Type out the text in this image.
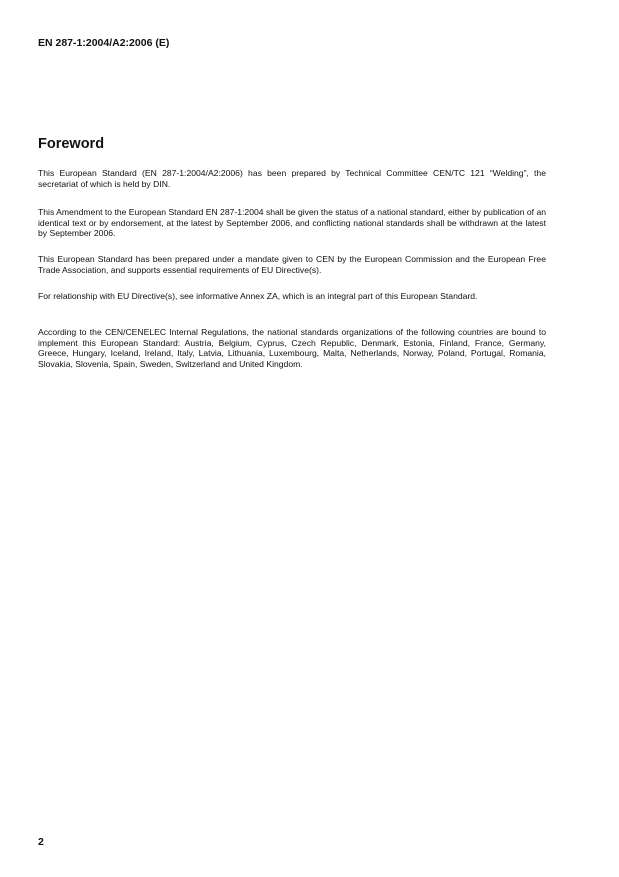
EN 287-1:2004/A2:2006 (E)
Foreword
This European Standard (EN 287-1:2004/A2:2006) has been prepared by Technical Committee CEN/TC 121 “Welding”, the secretariat of which is held by DIN.
This Amendment to the European Standard EN 287-1:2004 shall be given the status of a national standard, either by publication of an identical text or by endorsement, at the latest by September 2006, and conflicting national standards shall be withdrawn at the latest by September 2006.
This European Standard has been prepared under a mandate given to CEN by the European Commission and the European Free Trade Association, and supports essential requirements of EU Directive(s).
For relationship with EU Directive(s), see informative Annex ZA, which is an integral part of this European Standard.
According to the CEN/CENELEC Internal Regulations, the national standards organizations of the following countries are bound to implement this European Standard: Austria, Belgium, Cyprus, Czech Republic, Denmark, Estonia, Finland, France, Germany, Greece, Hungary, Iceland, Ireland, Italy, Latvia, Lithuania, Luxembourg, Malta, Netherlands, Norway, Poland, Portugal, Romania, Slovakia, Slovenia, Spain, Sweden, Switzerland and United Kingdom.
2
